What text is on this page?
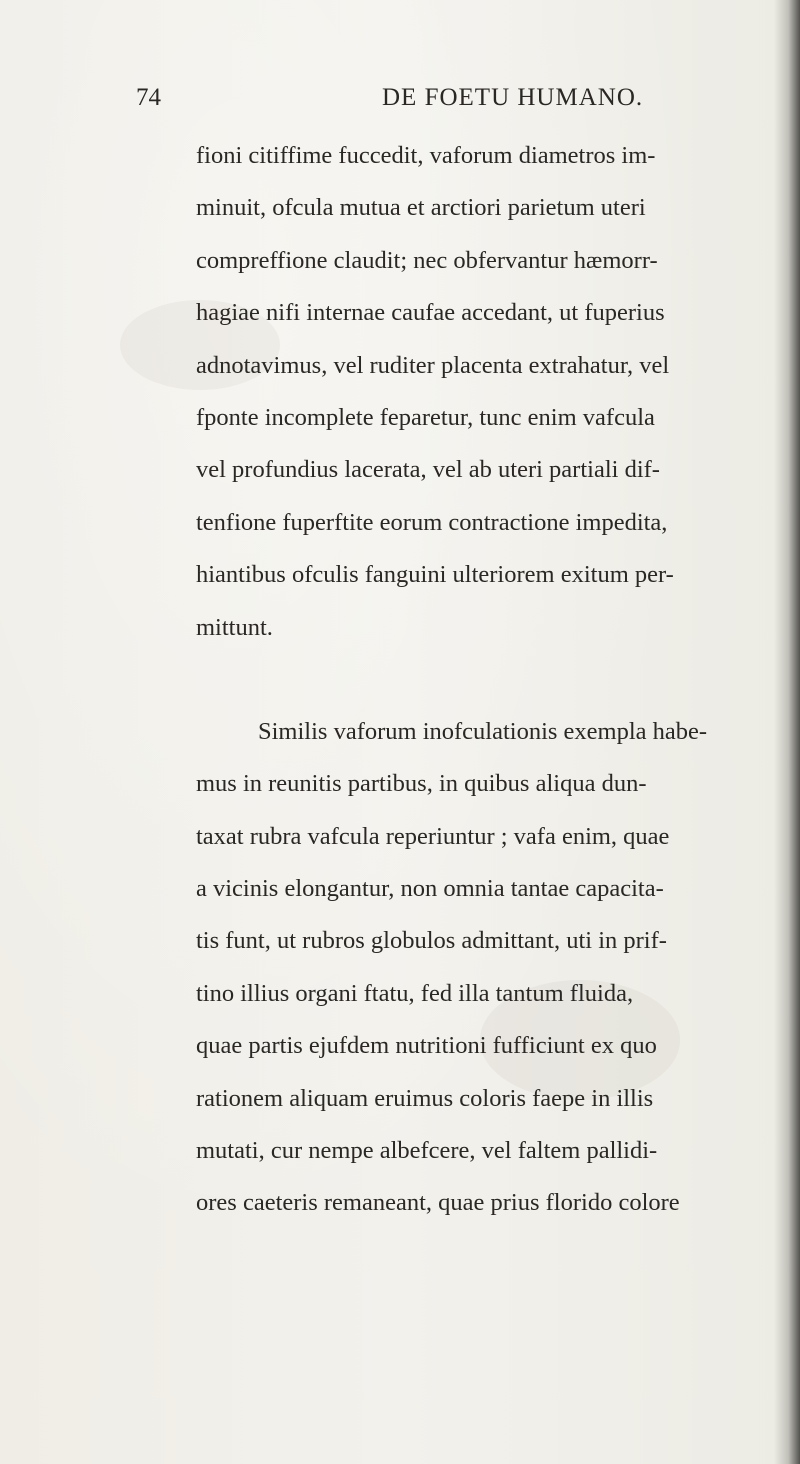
74	DE FOETU HUMANO.
fioni citiffime fuccedit, vaforum diametros im-
minuit, ofcula mutua et arctiori parietum uteri
compreffione claudit; nec obfervantur hæmorr-
hagiae nifi internae caufae accedant, ut fuperius
adnotavimus, vel ruditer placenta extrahatur, vel
fponte incomplete feparetur, tunc enim vafcula
vel profundius lacerata, vel ab uteri partiali dif-
tenfione fuperftite eorum contractione impedita,
hiantibus ofculis fanguini ulteriorem exitum per-
mittunt.
Similis vaforum inofculationis exempla habe-
mus in reunitis partibus, in quibus aliqua dun-
taxat rubra vafcula reperiuntur ; vafa enim, quae
a vicinis elongantur, non omnia tantae capacita-
tis funt, ut rubros globulos admittant, uti in prif-
tino illius organi ftatu, fed illa tantum fluida,
quae partis ejufdem nutritioni fufficiunt ex quo
rationem aliquam eruimus coloris faepe in illis
mutati, cur nempe albefcere, vel faltem pallidi-
ores caeteris remaneant, quae prius florido colore
